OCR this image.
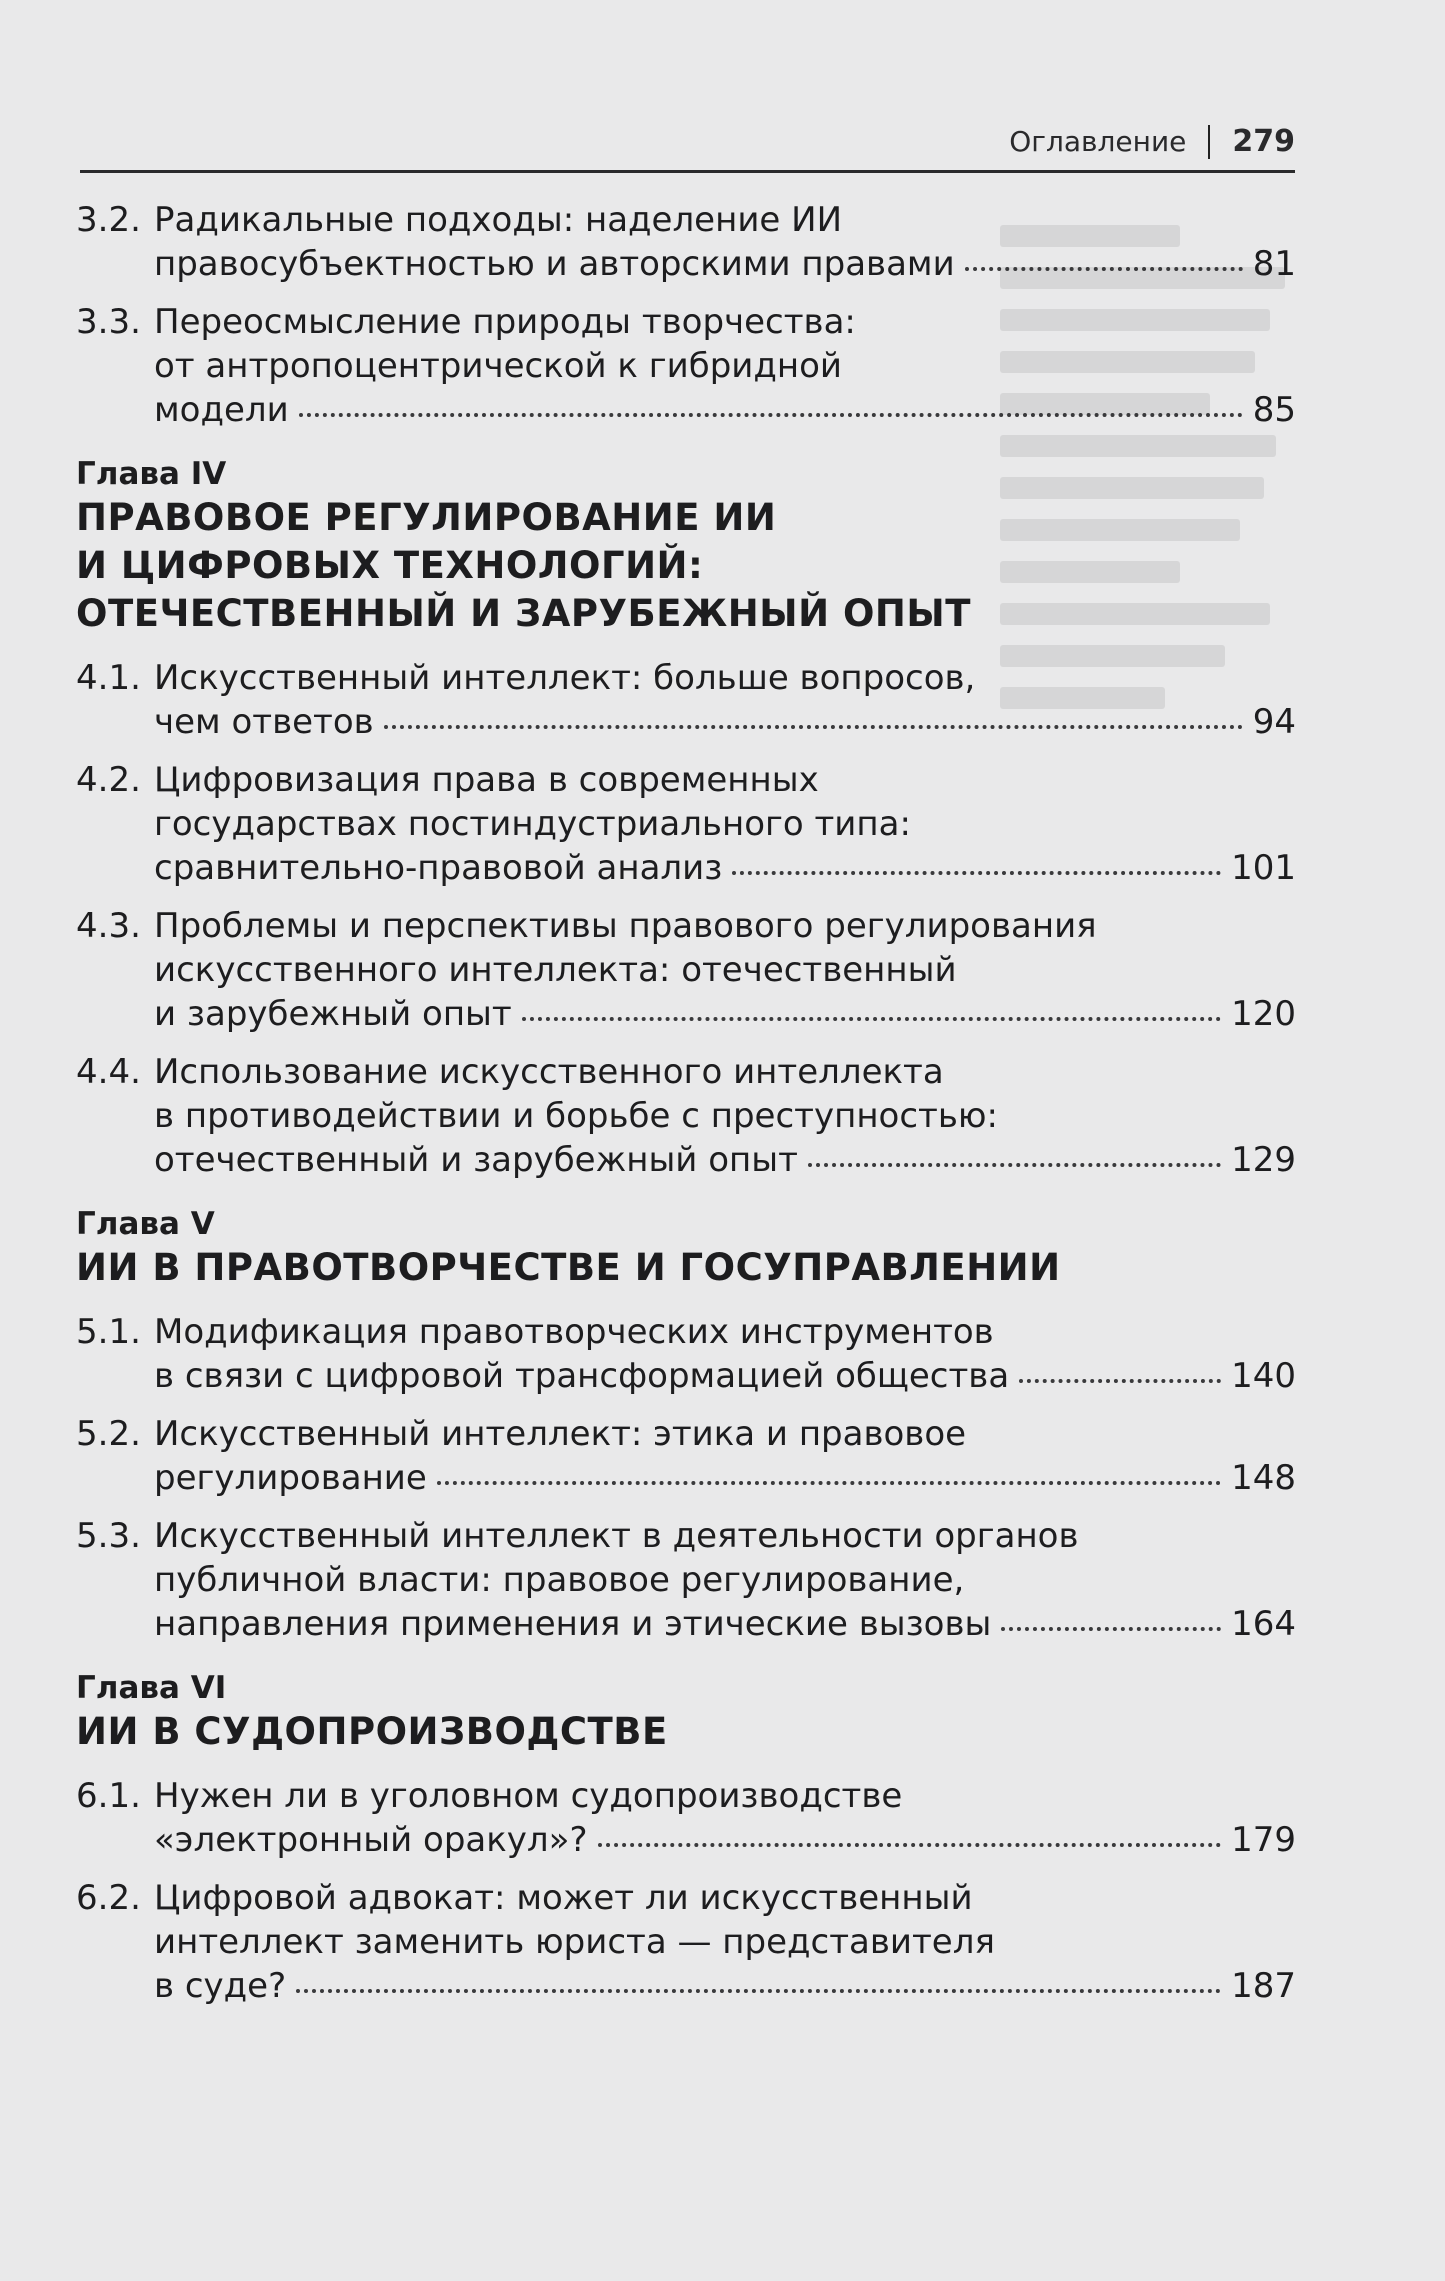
Оглавление 279
3.2. Радикальные подходы: наделение ИИ
правосубъектностью и авторскими правами	81
3.3. Переосмысление природы творчества:
от антропоцентрической к гибридной
модели	85
Глава IV
ПРАВОВОЕ РЕГУЛИРОВАНИЕ ИИ
И ЦИФРОВЫХ ТЕХНОЛОГИЙ:
ОТЕЧЕСТВЕННЫЙ И ЗАРУБЕЖНЫЙ ОПЫТ
4.1. Искусственный интеллект: больше вопросов,
чем ответов	94
4.2. Цифровизация права в современных
государствах постиндустриального типа:
сравнительно-правовой анализ	101
4.3. Проблемы и перспективы правового регулирования
искусственного интеллекта: отечественный
и зарубежный опыт	120
4.4. Использование искусственного интеллекта
в противодействии и борьбе с преступностью:
отечественный и зарубежный опыт	129
Глава V
ИИ В ПРАВОТВОРЧЕСТВЕ И ГОСУПРАВЛЕНИИ
5.1. Модификация правотворческих инструментов
в связи с цифровой трансформацией общества	140
5.2. Искусственный интеллект: этика и правовое
регулирование	148
5.3. Искусственный интеллект в деятельности органов
публичной власти: правовое регулирование,
направления применения и этические вызовы	164
Глава VI
ИИ В СУДОПРОИЗВОДСТВЕ
6.1. Нужен ли в уголовном судопроизводстве
«электронный оракул»?	179
6.2. Цифровой адвокат: может ли искусственный
интеллект заменить юриста — представителя
в суде?	187
